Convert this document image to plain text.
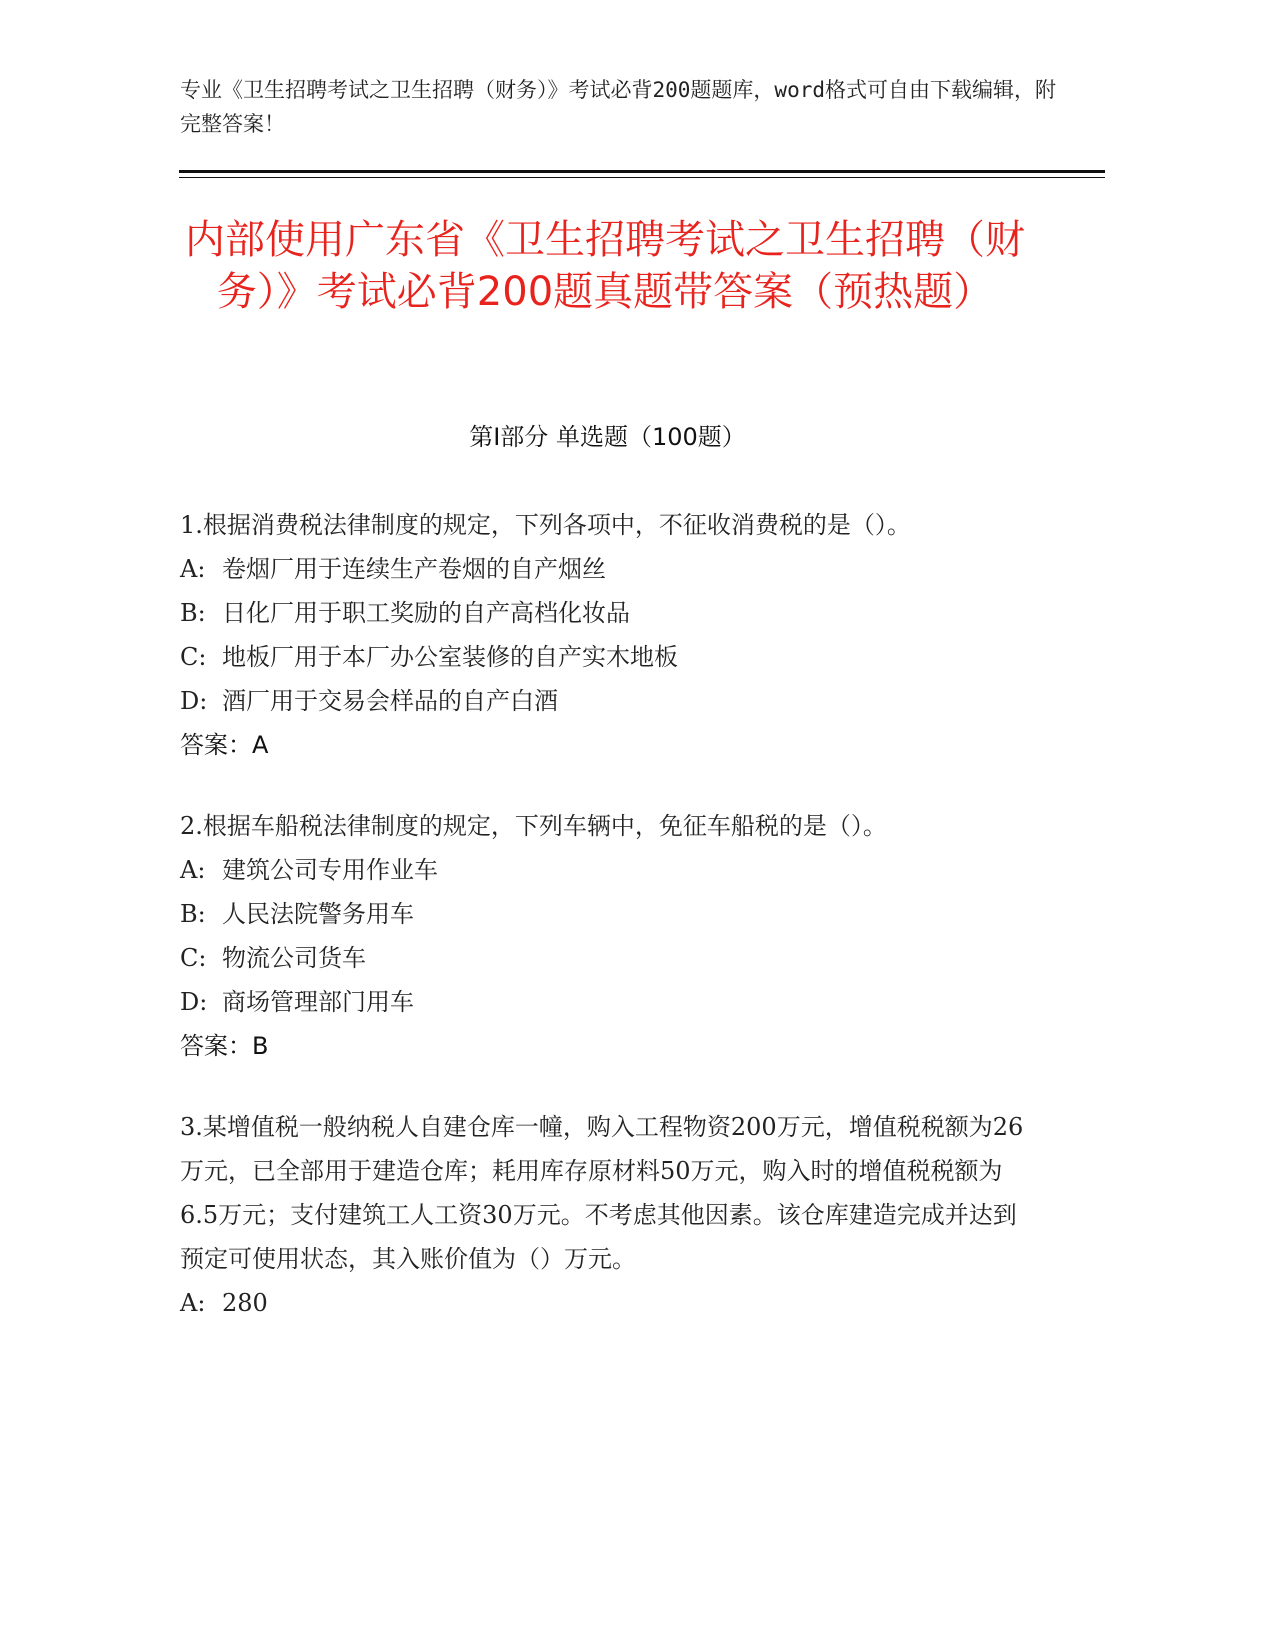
专业《卫生招聘考试之卫生招聘（财务）》考试必背200题题库，word格式可自由下载编辑，附完整答案！
内部使用广东省《卫生招聘考试之卫生招聘（财务）》考试必背200题真题带答案（预热题）
第I部分 单选题（100题）
1.根据消费税法律制度的规定，下列各项中，不征收消费税的是（）。
A: 卷烟厂用于连续生产卷烟的自产烟丝
B: 日化厂用于职工奖励的自产高档化妆品
C: 地板厂用于本厂办公室装修的自产实木地板
D: 酒厂用于交易会样品的自产白酒
答案：A
2.根据车船税法律制度的规定，下列车辆中，免征车船税的是（）。
A: 建筑公司专用作业车
B: 人民法院警务用车
C: 物流公司货车
D: 商场管理部门用车
答案：B
3.某增值税一般纳税人自建仓库一幢，购入工程物资200万元，增值税税额为26万元，已全部用于建造仓库；耗用库存原材料50万元，购入时的增值税税额为6.5万元；支付建筑工人工资30万元。不考虑其他因素。该仓库建造完成并达到预定可使用状态，其入账价值为（）万元。
A: 280
